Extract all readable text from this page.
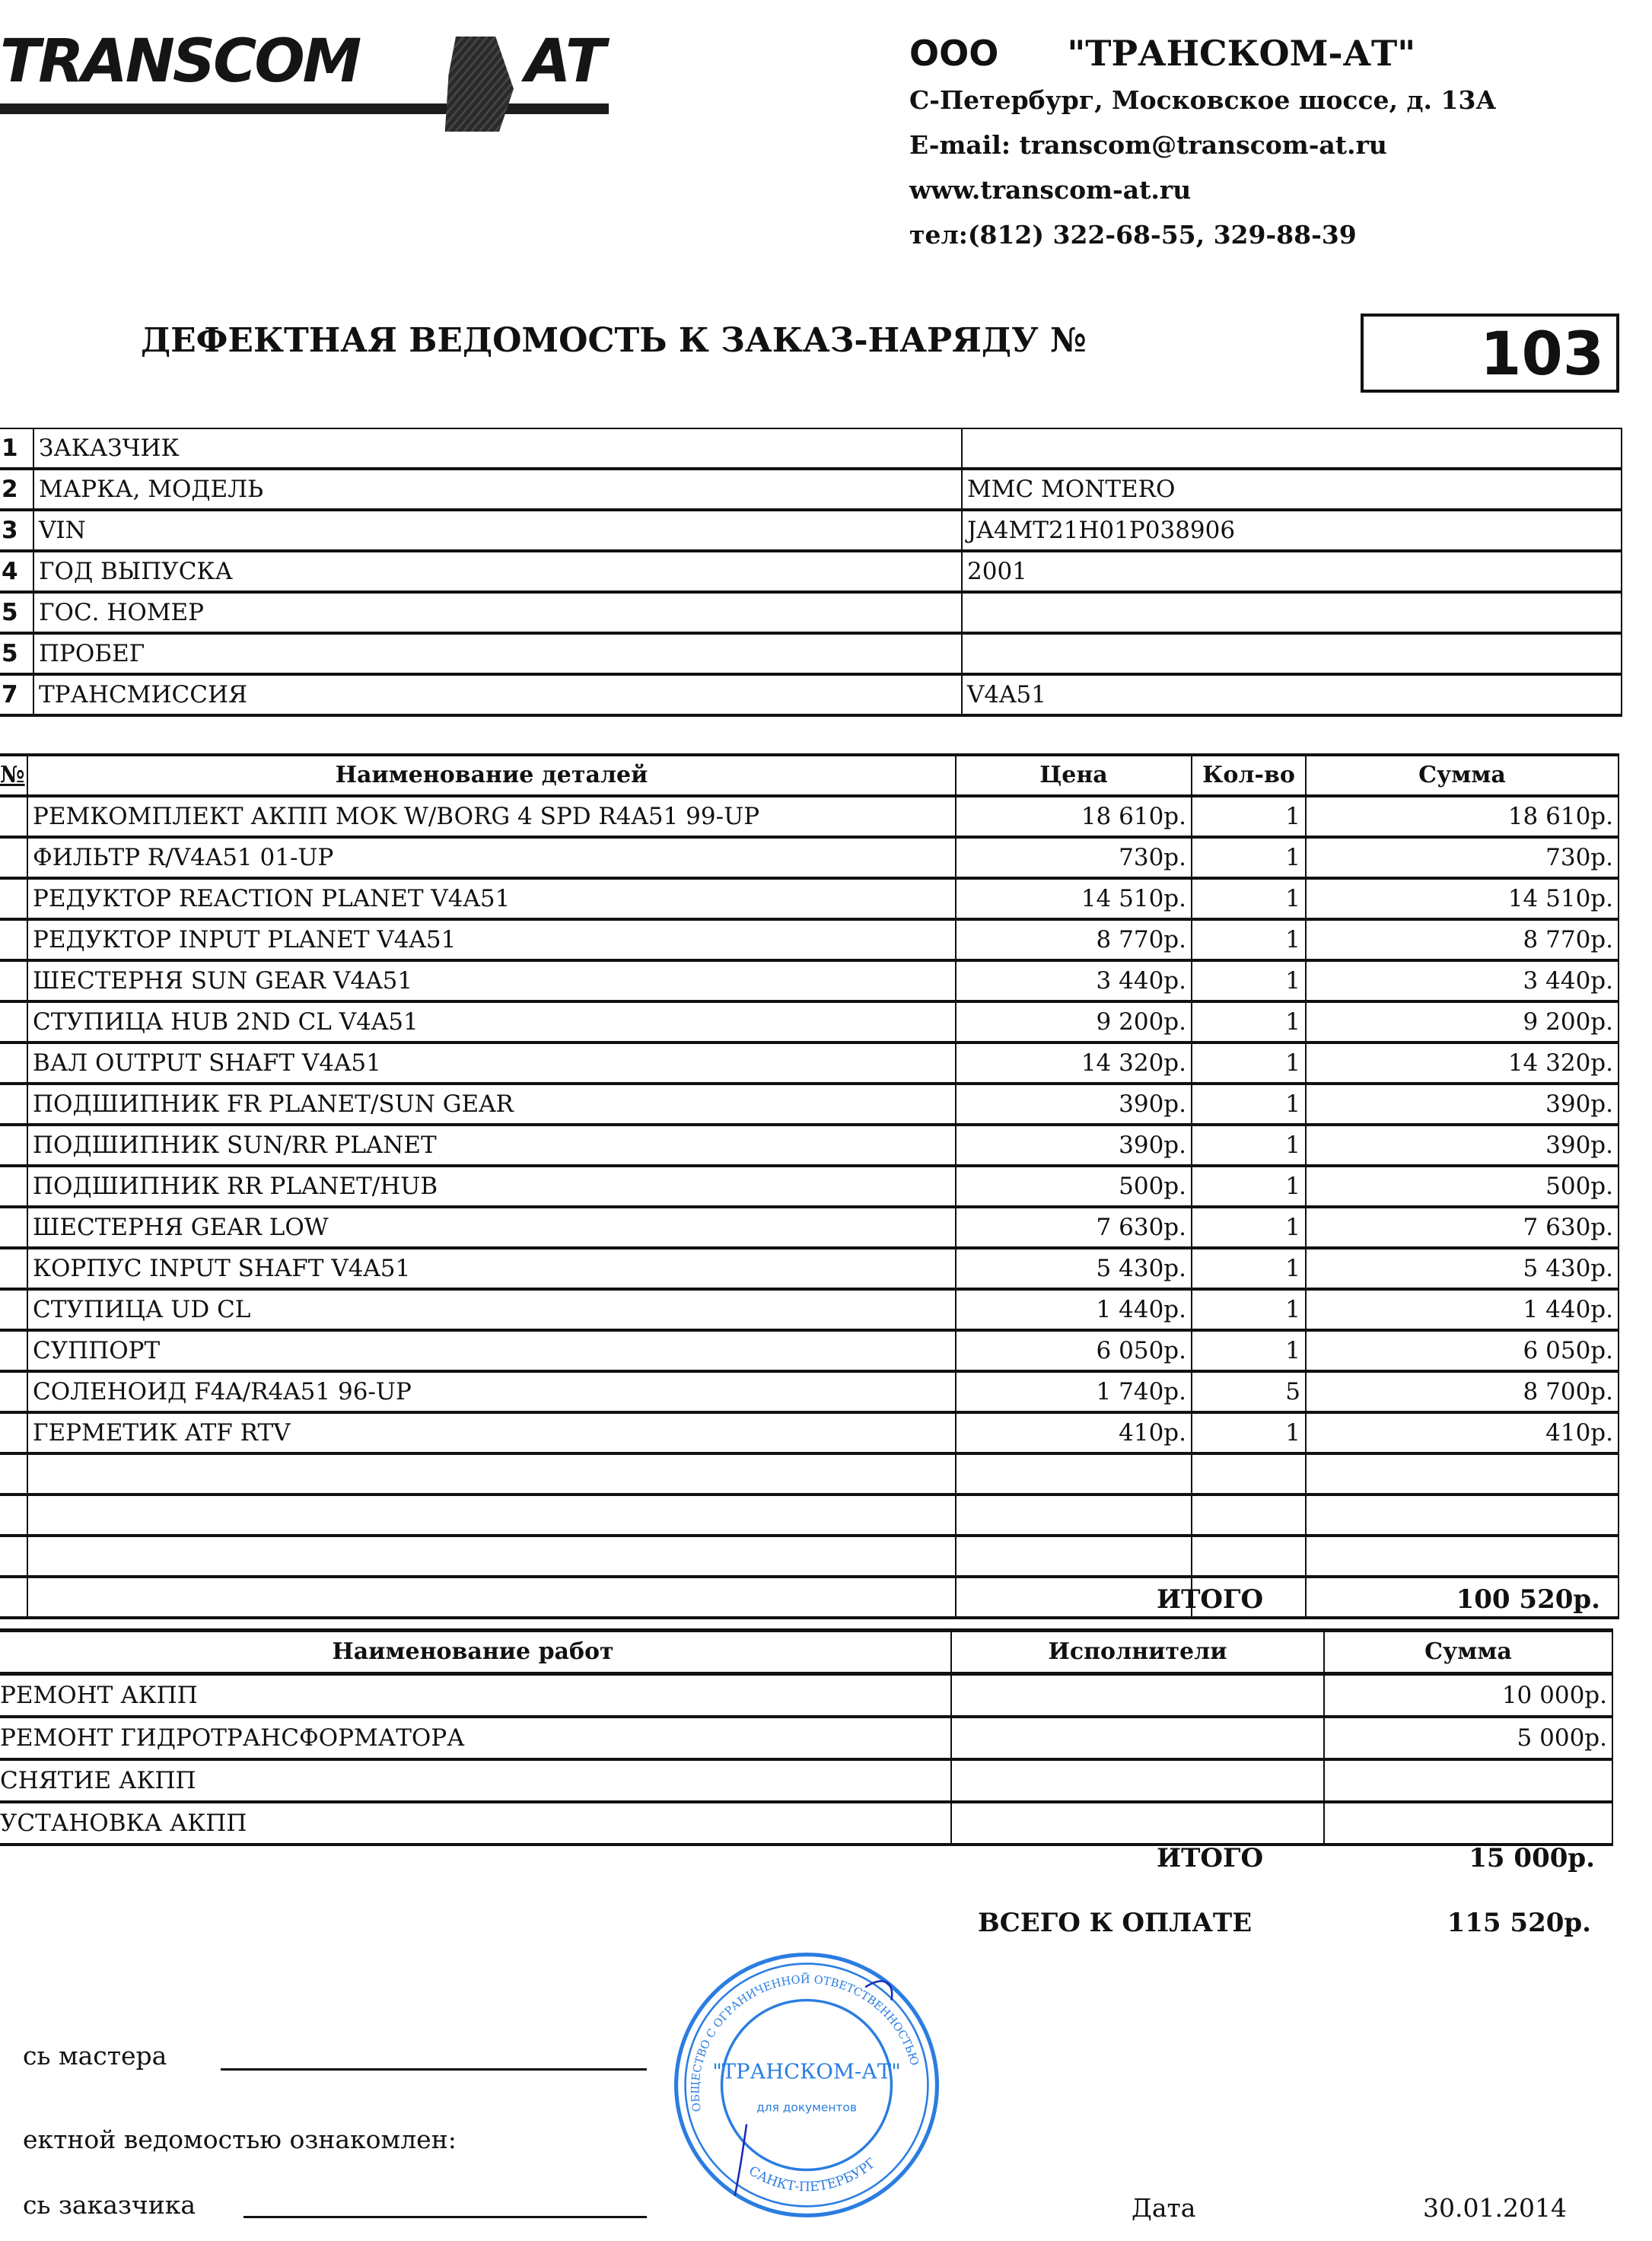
TRANSCOM	AT	ООО "ТРАНСКОМ-АТ"
С-Петербург, Московское шоссе, д. 13А
E-mail: transcom@transcom-at.ru
www.transcom-at.ru
тел:(812) 322-68-55, 329-88-39
ДЕФЕКТНАЯ ВЕДОМОСТЬ К ЗАКАЗ-НАРЯДУ №	103
1	ЗАКАЗЧИК	
2	МАРКА, МОДЕЛЬ	MMC MONTERO
3	VIN	JA4MT21H01P038906
4	ГОД ВЫПУСКА	2001
5	ГОС. НОМЕР	
5	ПРОБЕГ	
7	ТРАНСМИССИЯ	V4A51
№	Наименование деталей	Цена	Кол-во	Сумма
	РЕМКОМПЛЕКТ АКПП MOK W/BORG 4 SPD R4A51 99-UP	18 610р.	1	18 610р.
	ФИЛЬТР R/V4A51 01-UP	730р.	1	730р.
	РЕДУКТОР REACTION PLANET V4A51	14 510р.	1	14 510р.
	РЕДУКТОР INPUT PLANET V4A51	8 770р.	1	8 770р.
	ШЕСТЕРНЯ SUN GEAR V4A51	3 440р.	1	3 440р.
	СТУПИЦА HUB 2ND CL V4A51	9 200р.	1	9 200р.
	ВАЛ OUTPUT SHAFT V4A51	14 320р.	1	14 320р.
	ПОДШИПНИК FR PLANET/SUN GEAR	390р.	1	390р.
	ПОДШИПНИК SUN/RR PLANET	390р.	1	390р.
	ПОДШИПНИК RR PLANET/HUB	500р.	1	500р.
	ШЕСТЕРНЯ GEAR LOW	7 630р.	1	7 630р.
	КОРПУС INPUT SHAFT V4A51	5 430р.	1	5 430р.
	СТУПИЦА UD CL	1 440р.	1	1 440р.
	СУППОРТ	6 050р.	1	6 050р.
	СОЛЕНОИД F4A/R4A51 96-UP	1 740р.	5	8 700р.
	ГЕРМЕТИК ATF RTV	410р.	1	410р.

ИТОГО	100 520р.
Наименование работ	Исполнители	Сумма
РЕМОНТ АКПП		10 000р.
РЕМОНТ ГИДРОТРАНСФОРМАТОРА		5 000р.
СНЯТИЕ АКПП		
УСТАНОВКА АКПП		
ИТОГО	15 000р.
ВСЕГО К ОПЛАТЕ	115 520р.
сь мастера
ектной ведомостью ознакомлен:
сь заказчика	Дата	30.01.2014
ОБЩЕСТВО С ОГРАНИЧЕННОЙ ОТВЕТСТВЕННОСТЬЮ
САНКТ-ПЕТЕРБУРГ
"ТРАНСКОМ-АТ"
для документов
